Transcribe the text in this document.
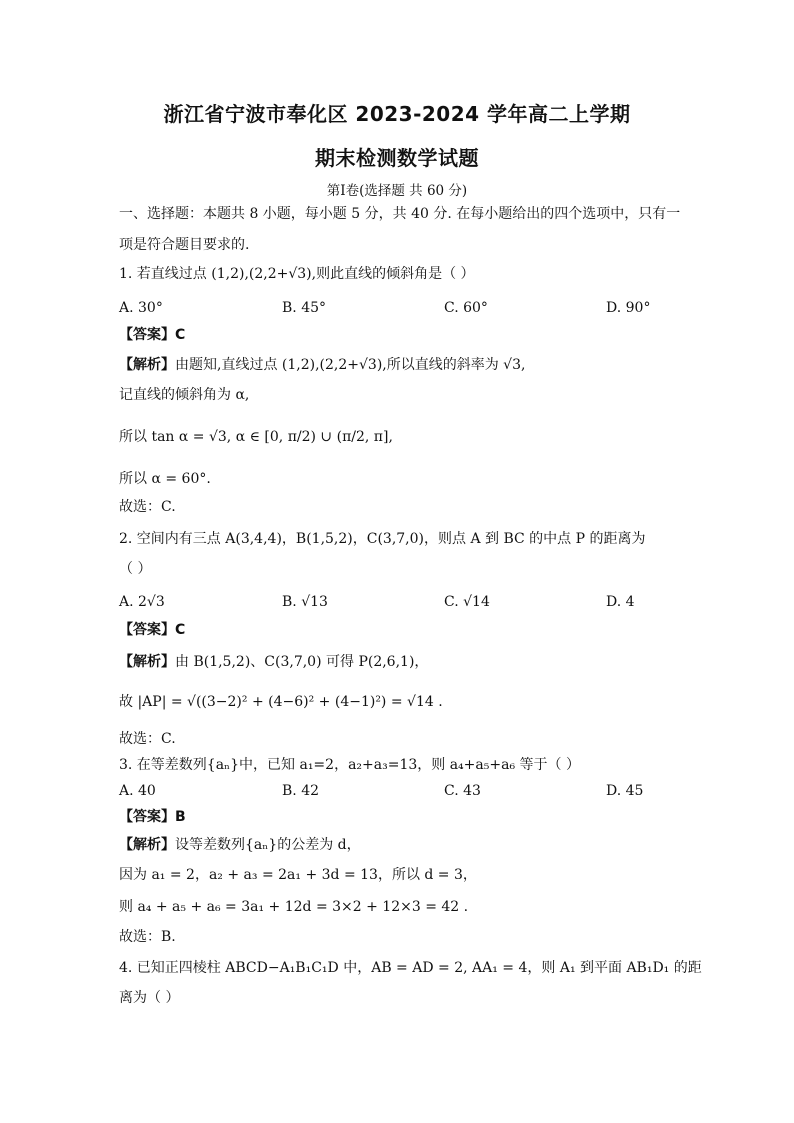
浙江省宁波市奉化区 2023-2024 学年高二上学期
期末检测数学试题
第Ⅰ卷(选择题 共 60 分)
一、选择题：本题共 8 小题，每小题 5 分，共 40 分. 在每小题给出的四个选项中，只有一
项是符合题目要求的.
1. 若直线过点 (1,2),(2,2+√3),则此直线的倾斜角是（ ）
A. 30°	B. 45°	C. 60°	D. 90°
【答案】C
【解析】由题知,直线过点 (1,2),(2,2+√3),所以直线的斜率为 √3,
记直线的倾斜角为 α,
所以 tan α = √3, α ∈ [0, π/2) ∪ (π/2, π],
所以 α = 60°.
故选：C.
2. 空间内有三点 A(3,4,4)，B(1,5,2)，C(3,7,0)，则点 A 到 BC 的中点 P 的距离为
（ ）
A. 2√3	B. √13	C. √14	D. 4
【答案】C
【解析】由 B(1,5,2)、C(3,7,0) 可得 P(2,6,1)，
故 |AP| = √((3−2)² + (4−6)² + (4−1)²) = √14 .
故选：C.
3. 在等差数列{aₙ}中，已知 a₁=2，a₂+a₃=13，则 a₄+a₅+a₆ 等于（ ）
A. 40	B. 42	C. 43	D. 45
【答案】B
【解析】设等差数列{aₙ}的公差为 d，
因为 a₁ = 2，a₂ + a₃ = 2a₁ + 3d = 13，所以 d = 3，
则 a₄ + a₅ + a₆ = 3a₁ + 12d = 3×2 + 12×3 = 42 .
故选：B.
4. 已知正四棱柱 ABCD−A₁B₁C₁D 中，AB = AD = 2, AA₁ = 4，则 A₁ 到平面 AB₁D₁ 的距
离为（ ）
